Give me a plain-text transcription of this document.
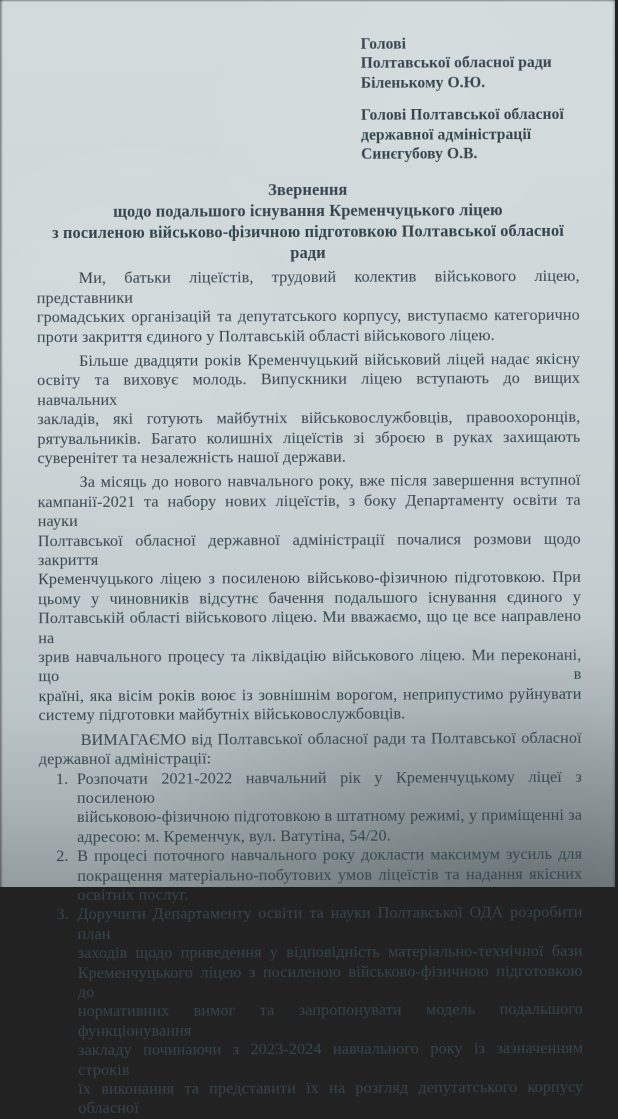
Голові
Полтавської обласної ради
Біленькому О.Ю.
Голові Полтавської обласної
державної адміністрації
Синєгубову О.В.
Звернення
щодо подальшого існування Кременчуцького ліцею
з посиленою військово-фізичною підготовкою Полтавської обласної ради
Ми, батьки ліцеїстів, трудовий колектив військового ліцею, представники
громадських організацій та депутатського корпусу, виступаємо категорично
проти закриття єдиного у Полтавській області військового ліцею.
Більше двадцяти років Кременчуцький військовий ліцей надає якісну
освіту та виховує молодь. Випускники ліцею вступають до вищих навчальних
закладів, які готують майбутніх військовослужбовців, правоохоронців,
рятувальників. Багато колишніх ліцеїстів зі зброєю в руках захищають
суверенітет та незалежність нашої держави.
За місяць до нового навчального року, вже після завершення вступної
кампанії-2021 та набору нових ліцеїстів, з боку Департаменту освіти та науки
Полтавської обласної державної адміністрації почалися розмови щодо закриття
Кременчуцького ліцею з посиленою військово-фізичною підготовкою. При
цьому у чиновників відсутнє бачення подальшого існування єдиного у
Полтавській області військового ліцею. Ми вважаємо, що це все направлено на
зрив навчального процесу та ліквідацію військового ліцею. Ми переконані, що в
країні, яка вісім років воює із зовнішнім ворогом, неприпустимо руйнувати
систему підготовки майбутніх військовослужбовців.
ВИМАГАЄМО від Полтавської обласної ради та Полтавської обласної
державної адміністрації:
1. Розпочати 2021-2022 навчальний рік у Кременчуцькому ліцеї з посиленою
військовою-фізичною підготовкою в штатному режимі, у приміщенні за
адресою: м. Кременчук, вул. Ватутіна, 54/20.
2. В процесі поточного навчального року докласти максимум зусиль для
покращення матеріально-побутових умов ліцеїстів та надання якісних
освітніх послуг.
3. Доручити Департаменту освіти та науки Полтавської ОДА розробити план
заходів щодо приведення у відповідність матеріально-технічної бази
Кременчуцького ліцею з посиленою військово-фізичною підготовкою до
нормативних вимог та запропонувати модель подальшого функціонування
закладу починаючи з 2023-2024 навчального року із зазначенням строків
їх виконання та представити їх на розгляд депутатського корпусу обласної
